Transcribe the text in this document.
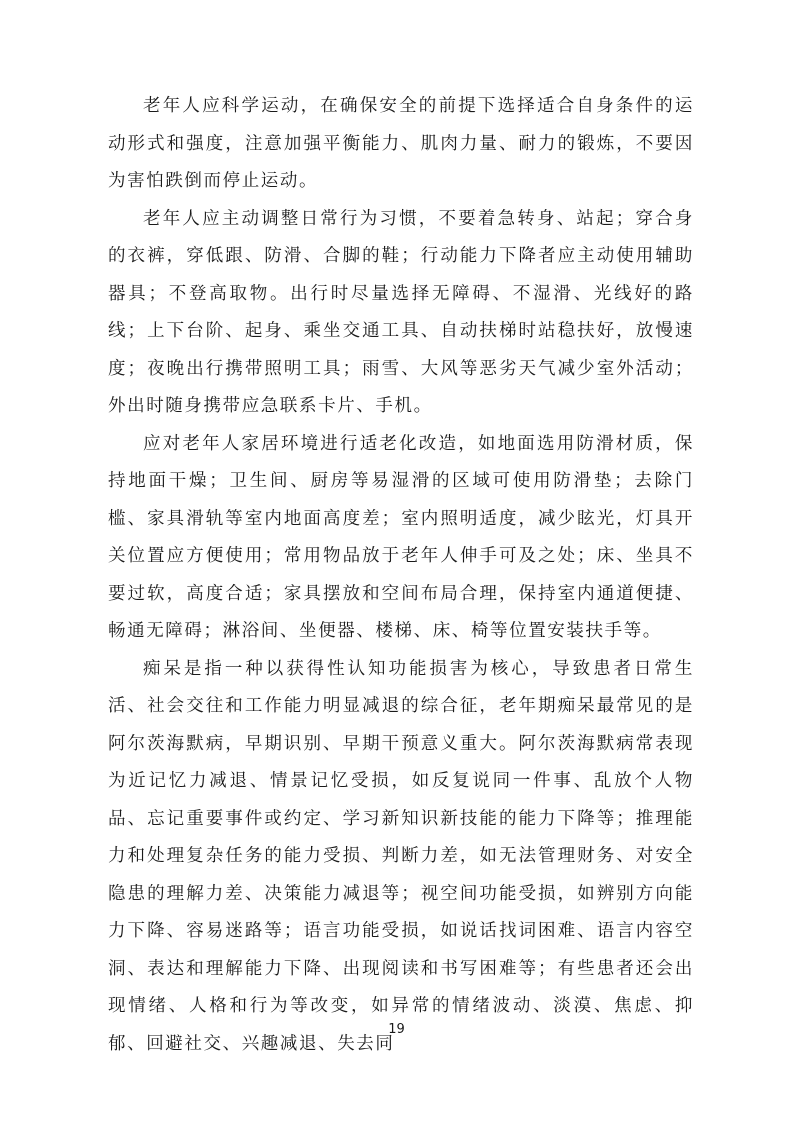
老年人应科学运动，在确保安全的前提下选择适合自身条件的运动形式和强度，注意加强平衡能力、肌肉力量、耐力的锻炼，不要因为害怕跌倒而停止运动。

老年人应主动调整日常行为习惯，不要着急转身、站起；穿合身的衣裤，穿低跟、防滑、合脚的鞋；行动能力下降者应主动使用辅助器具；不登高取物。出行时尽量选择无障碍、不湿滑、光线好的路线；上下台阶、起身、乘坐交通工具、自动扶梯时站稳扶好，放慢速度；夜晚出行携带照明工具；雨雪、大风等恶劣天气减少室外活动；外出时随身携带应急联系卡片、手机。

应对老年人家居环境进行适老化改造，如地面选用防滑材质，保持地面干燥；卫生间、厨房等易湿滑的区域可使用防滑垫；去除门槛、家具滑轨等室内地面高度差；室内照明适度，减少眩光，灯具开关位置应方便使用；常用物品放于老年人伸手可及之处；床、坐具不要过软，高度合适；家具摆放和空间布局合理，保持室内通道便捷、畅通无障碍；淋浴间、坐便器、楼梯、床、椅等位置安装扶手等。

痴呆是指一种以获得性认知功能损害为核心，导致患者日常生活、社会交往和工作能力明显减退的综合征，老年期痴呆最常见的是阿尔茨海默病，早期识别、早期干预意义重大。阿尔茨海默病常表现为近记忆力减退、情景记忆受损，如反复说同一件事、乱放个人物品、忘记重要事件或约定、学习新知识新技能的能力下降等；推理能力和处理复杂任务的能力受损、判断力差，如无法管理财务、对安全隐患的理解力差、决策能力减退等；视空间功能受损，如辨别方向能力下降、容易迷路等；语言功能受损，如说话找词困难、语言内容空洞、表达和理解能力下降、出现阅读和书写困难等；有些患者还会出现情绪、人格和行为等改变，如异常的情绪波动、淡漠、焦虑、抑郁、回避社交、兴趣减退、失去同

19
